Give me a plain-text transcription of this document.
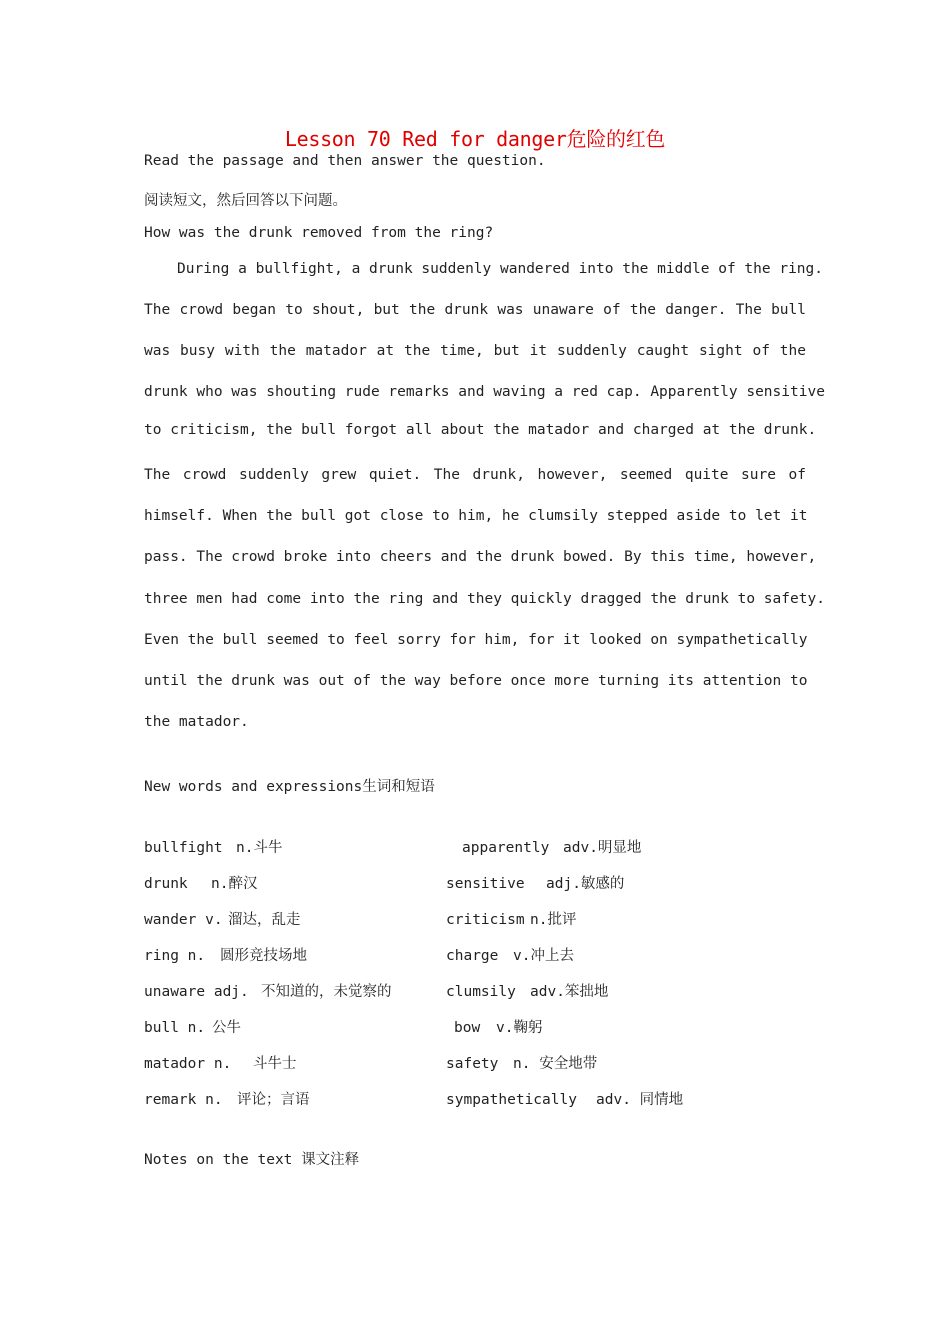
Lesson 70 Red for danger危险的红色
Read the passage and then answer the question.
阅读短文，然后回答以下问题。
How was the drunk removed from the ring?
During a bullfight, a drunk suddenly wandered into the middle of the ring.
The crowd began to shout, but the drunk was unaware of the danger. The bull
was busy with the matador at the time, but it suddenly caught sight of the
drunk who was shouting rude remarks and waving a red cap. Apparently sensitive
to criticism, the bull forgot all about the matador and charged at the drunk.
The crowd suddenly grew quiet. The drunk, however, seemed quite sure of
himself. When the bull got close to him, he clumsily stepped aside to let it
pass. The crowd broke into cheers and the drunk bowed. By this time, however,
three men had come into the ring and they quickly dragged the drunk to safety.
Even the bull seemed to feel sorry for him, for it looked on sympathetically
until the drunk was out of the way before once more turning its attention to
the matador.
New words and expressions生词和短语
bullfight n.斗牛
drunk n.醉汉
wander v. 溜达，乱走
ring n. 圆形竞技场地
unaware adj. 不知道的，未觉察的
bull n. 公牛
matador n. 斗牛士
remark n. 评论；言语
apparently adv.明显地
sensitive adj.敏感的
criticism n.批评
charge v.冲上去
clumsily adv.笨拙地
bow v.鞠躬
safety n. 安全地带
sympathetically adv. 同情地
Notes on the text 课文注释
